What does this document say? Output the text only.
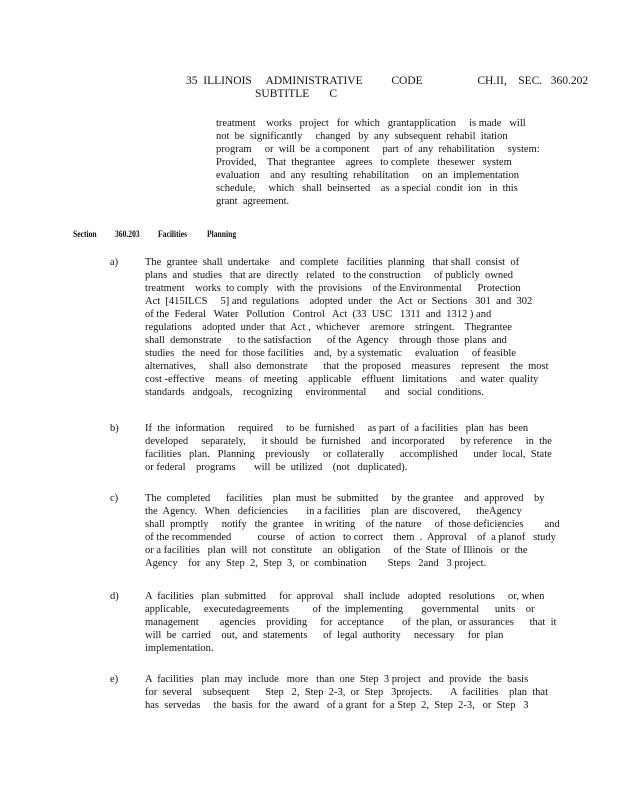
35  ILLINOIS     ADMINISTRATIVE          CODE                   CH.II,    SEC.   360.202
SUBTITLE       C
treatment    works   project   for  which   grantapplication     is made   will
not  be  significantly     changed   by  any  subsequent  rehabil  itation
program     or  will  be  a component     part  of  any  rehabilitation     system:
Provided,    That  thegrantee    agrees   to complete   thesewer   system
evaluation    and  any  resulting  rehabilitation     on  an  implementation
schedule,     which   shall  beinserted    as  a special  condit  ion   in  this
grant  agreement.
Section 360.203 Facilities Planning
a)	The  grantee  shall  undertake    and  complete   facilities  planning   that shall  consist  of
plans  and  studies   that are  directly   related   to the construction     of publicly  owned
treatment    works  to comply   with  the  provisions    of the Environmental      Protection
Act  [415ILCS     5] and  regulations    adopted  under   the  Act  or  Sections   301  and  302
of the  Federal   Water   Pollution   Control   Act  (33  USC   1311  and  1312 ) and
regulations    adopted  under  that  Act ,  whichever    aremore    stringent.    Thegrantee
shall  demonstrate      to the satisfaction      of the  Agency    through  those  plans  and
studies   the  need  for  those facilities    and,  by a systematic     evaluation     of feasible
alternatives,     shall  also  demonstrate      that  the  proposed    measures    represent    the  most
cost -effective    means   of  meeting    applicable    effluent   limitations     and  water  quality
standards   andgoals,    recognizing     environmental       and   social  conditions.
b)	If  the  information     required     to  be  furnished     as part  of  a facilities   plan  has  been
developed     separately,      it should   be  furnished    and  incorporated      by reference     in  the
facilities   plan.   Planning    previously     or  collaterally      accomplished      under  local,  State
or federal    programs       will  be  utilized    (not   duplicated).
c)	The  completed      facilities    plan  must  be  submitted     by  the grantee    and  approved    by
the  Agency.   When   deficiencies       in a facilities    plan  are  discovered,      theAgency
shall  promptly     notify   the  grantee    in writing    of  the nature     of  those deficiencies        and
of the recommended          course    of  action   to correct    them  .  Approval    of  a planof   study
or a facilities   plan  will  not  constitute    an  obligation     of  the  State  of Illinois   or  the
Agency    for  any  Step  2,  Step  3,  or  combination        Steps   2and   3 project.
d)	A  facilities   plan  submitted     for  approval    shall  include   adopted   resolutions     or, when
applicable,     executedagreements         of  the  implementing       governmental      units    or
management        agencies    providing     for  acceptance       of  the plan,  or assurances      that  it
will  be  carried    out,  and  statements      of  legal  authority     necessary     for  plan
implementation.
e)	A  facilities   plan  may  include   more   than  one  Step  3 project   and  provide   the  basis
for  several    subsequent      Step   2,  Step  2-3,  or  Step   3projects.       A  facilities    plan  that
has  servedas     the  basis  for  the  award   of a grant  for  a Step  2,  Step  2-3,   or  Step   3
